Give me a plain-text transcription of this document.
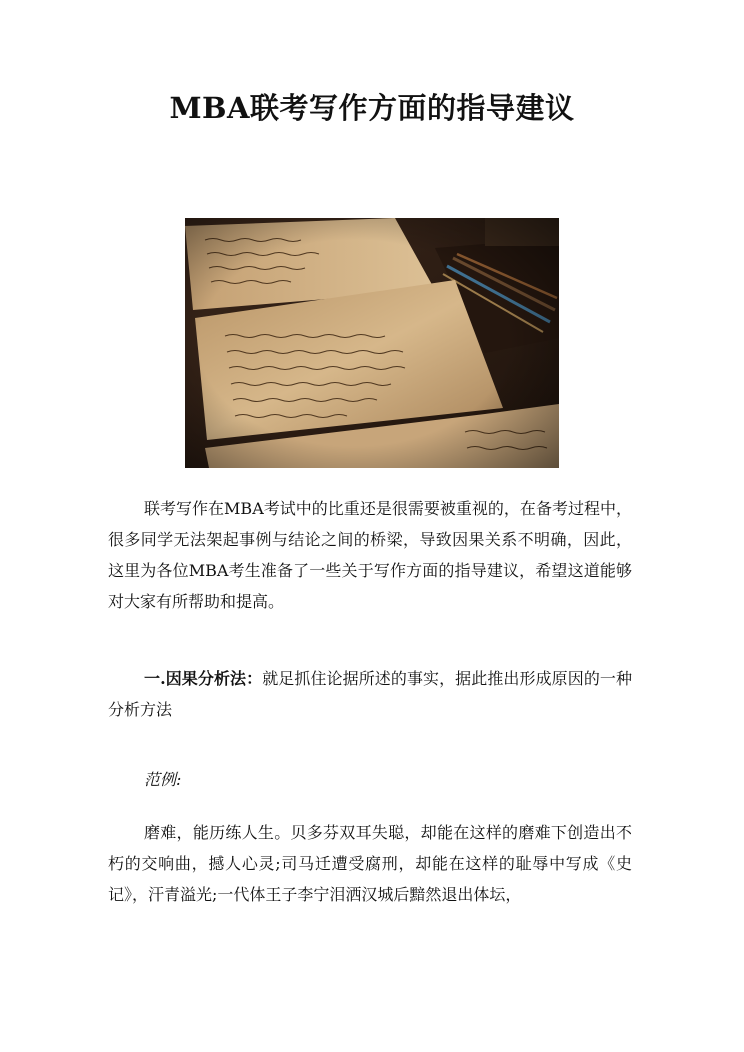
MBA联考写作方面的指导建议
联考写作在MBA考试中的比重还是很需要被重视的，在备考过程中，很多同学无法架起事例与结论之间的桥梁，导致因果关系不明确，因此，这里为各位MBA考生准备了一些关于写作方面的指导建议，希望这道能够对大家有所帮助和提高。
一.因果分析法：就足抓住论据所述的事实，据此推出形成原因的一种分析方法
范例:
磨难，能历练人生。贝多芬双耳失聪，却能在这样的磨难下创造出不朽的交响曲，撼人心灵;司马迁遭受腐刑，却能在这样的耻辱中写成《史记》，汗青溢光;一代体王子李宁泪洒汉城后黯然退出体坛，
